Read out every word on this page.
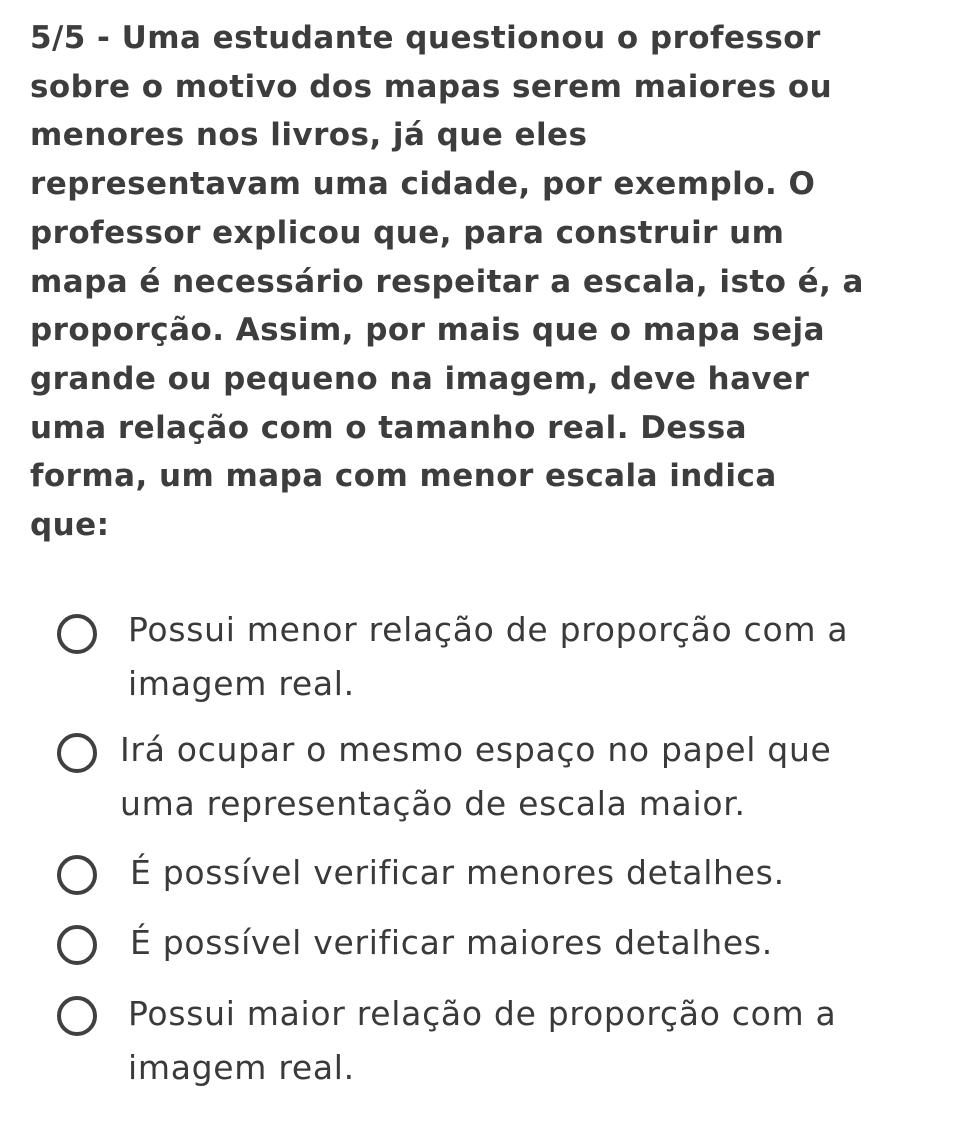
5/5 - Uma estudante questionou o professor
sobre o motivo dos mapas serem maiores ou
menores nos livros, já que eles
representavam uma cidade, por exemplo. O
professor explicou que, para construir um
mapa é necessário respeitar a escala, isto é, a
proporção. Assim, por mais que o mapa seja
grande ou pequeno na imagem, deve haver
uma relação com o tamanho real. Dessa
forma, um mapa com menor escala indica
que:
Possui menor relação de proporção com a
imagem real.
Irá ocupar o mesmo espaço no papel que
uma representação de escala maior.
É possível verificar menores detalhes.
É possível verificar maiores detalhes.
Possui maior relação de proporção com a
imagem real.
